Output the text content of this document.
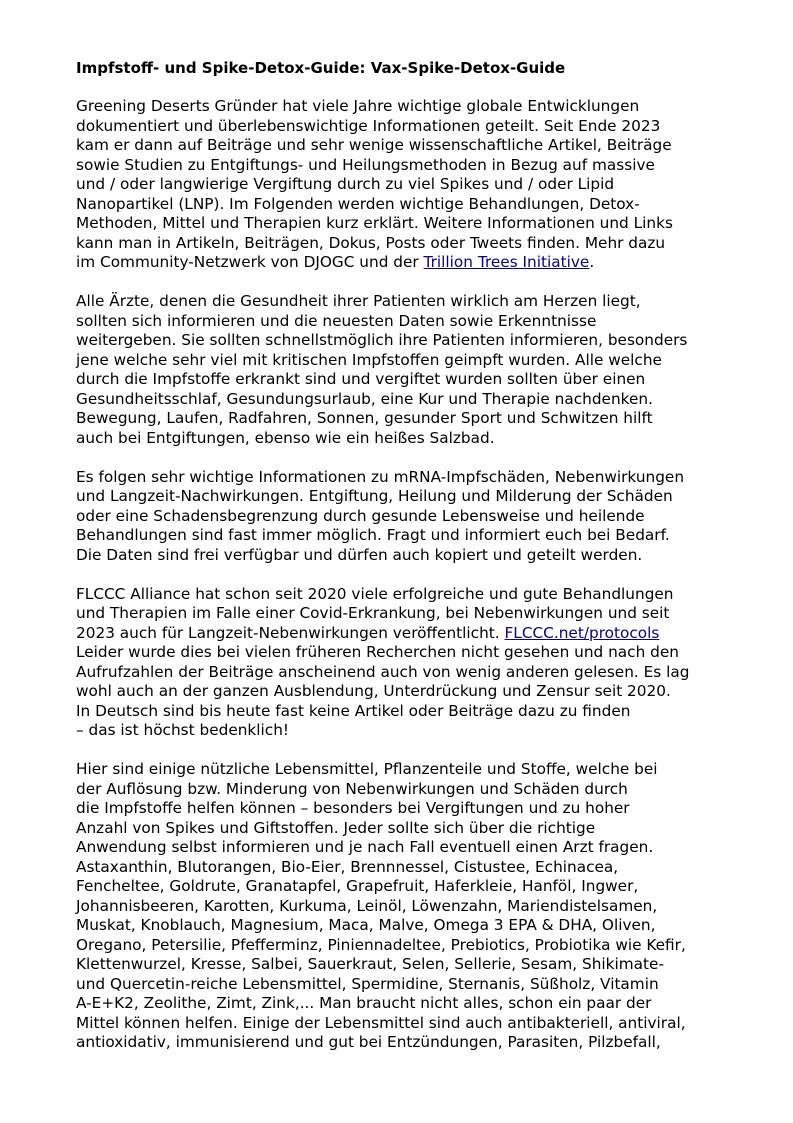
Impfstoff- und Spike-Detox-Guide: Vax-Spike-Detox-Guide
Greening Deserts Gründer hat viele Jahre wichtige globale Entwicklungen
dokumentiert und überlebenswichtige Informationen geteilt. Seit Ende 2023
kam er dann auf Beiträge und sehr wenige wissenschaftliche Artikel, Beiträge
sowie Studien zu Entgiftungs- und Heilungsmethoden in Bezug auf massive
und / oder langwierige Vergiftung durch zu viel Spikes und / oder Lipid
Nanopartikel (LNP). Im Folgenden werden wichtige Behandlungen, Detox-
Methoden, Mittel und Therapien kurz erklärt. Weitere Informationen und Links
kann man in Artikeln, Beiträgen, Dokus, Posts oder Tweets finden. Mehr dazu
im Community-Netzwerk von DJOGC und der Trillion Trees Initiative.
Alle Ärzte, denen die Gesundheit ihrer Patienten wirklich am Herzen liegt,
sollten sich informieren und die neuesten Daten sowie Erkenntnisse
weitergeben. Sie sollten schnellstmöglich ihre Patienten informieren, besonders
jene welche sehr viel mit kritischen Impfstoffen geimpft wurden. Alle welche
durch die Impfstoffe erkrankt sind und vergiftet wurden sollten über einen
Gesundheitsschlaf, Gesundungsurlaub, eine Kur und Therapie nachdenken.
Bewegung, Laufen, Radfahren, Sonnen, gesunder Sport und Schwitzen hilft
auch bei Entgiftungen, ebenso wie ein heißes Salzbad.
Es folgen sehr wichtige Informationen zu mRNA-Impfschäden, Nebenwirkungen
und Langzeit-Nachwirkungen. Entgiftung, Heilung und Milderung der Schäden
oder eine Schadensbegrenzung durch gesunde Lebensweise und heilende
Behandlungen sind fast immer möglich. Fragt und informiert euch bei Bedarf.
Die Daten sind frei verfügbar und dürfen auch kopiert und geteilt werden.
FLCCC Alliance hat schon seit 2020 viele erfolgreiche und gute Behandlungen
und Therapien im Falle einer Covid-Erkrankung, bei Nebenwirkungen und seit
2023 auch für Langzeit-Nebenwirkungen veröffentlicht. FLCCC.net/protocols
Leider wurde dies bei vielen früheren Recherchen nicht gesehen und nach den
Aufrufzahlen der Beiträge anscheinend auch von wenig anderen gelesen. Es lag
wohl auch an der ganzen Ausblendung, Unterdrückung und Zensur seit 2020.
In Deutsch sind bis heute fast keine Artikel oder Beiträge dazu zu finden
– das ist höchst bedenklich!
Hier sind einige nützliche Lebensmittel, Pflanzenteile und Stoffe, welche bei
der Auflösung bzw. Minderung von Nebenwirkungen und Schäden durch
die Impfstoffe helfen können – besonders bei Vergiftungen und zu hoher
Anzahl von Spikes und Giftstoffen. Jeder sollte sich über die richtige
Anwendung selbst informieren und je nach Fall eventuell einen Arzt fragen.
Astaxanthin, Blutorangen, Bio-Eier, Brennnessel, Cistustee, Echinacea,
Fencheltee, Goldrute, Granatapfel, Grapefruit, Haferkleie, Hanföl, Ingwer,
Johannisbeeren, Karotten, Kurkuma, Leinöl, Löwenzahn, Mariendistelsamen,
Muskat, Knoblauch, Magnesium, Maca, Malve, Omega 3 EPA & DHA, Oliven,
Oregano, Petersilie, Pfefferminz, Piniennadeltee, Prebiotics, Probiotika wie Kefir,
Klettenwurzel, Kresse, Salbei, Sauerkraut, Selen, Sellerie, Sesam, Shikimate-
und Quercetin-reiche Lebensmittel, Spermidine, Sternanis, Süßholz, Vitamin
A-E+K2, Zeolithe, Zimt, Zink,... Man braucht nicht alles, schon ein paar der
Mittel können helfen. Einige der Lebensmittel sind auch antibakteriell, antiviral,
antioxidativ, immunisierend und gut bei Entzündungen, Parasiten, Pilzbefall,
